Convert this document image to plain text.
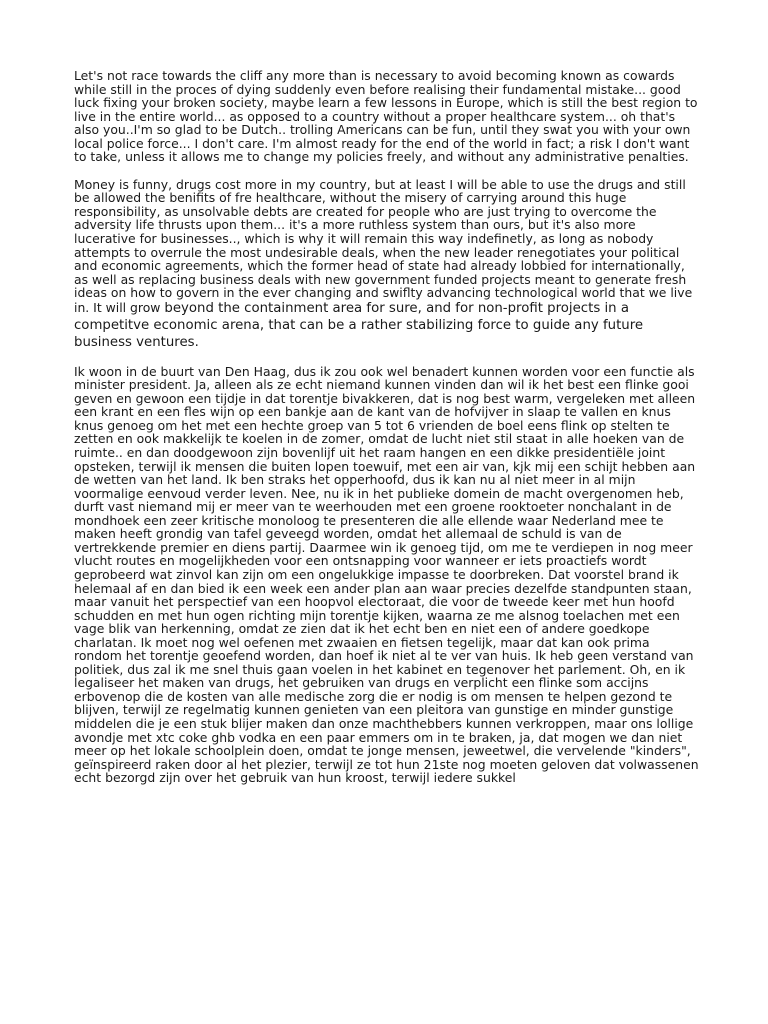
Let's not race towards the cliff any more than is necessary to avoid becoming known as cowards while still in the proces of dying suddenly even before realising their fundamental mistake... good luck fixing your broken society, maybe learn a few lessons in Europe, which is still the best region to live in the entire world... as opposed to a country without a proper healthcare system... oh that's also you..I'm so glad to be Dutch.. trolling Americans can be fun, until they swat you with your own local police force... I don't care. I'm almost ready for the end of the world in fact; a risk I don't want to take, unless it allows me to change my policies freely, and without any administrative penalties.

Money is funny, drugs cost more in my country, but at least I will be able to use the drugs and still be allowed the benifits of fre healthcare, without the misery of carrying around this huge responsibility, as unsolvable debts are created for people who are just trying to overcome the adversity life thrusts upon them... it's a more ruthless system than ours, but it's also more lucerative for businesses.., which is why it will remain this way indefinetly, as long as nobody attempts to overrule the most undesirable deals, when the new leader renegotiates your political and economic agreements, which the former head of state had already lobbied for internationally, as well as replacing business deals with new government funded projects meant to generate fresh ideas on how to govern in the ever changing and swiflty advancing technological world that we live in. It will grow beyond the containment area for sure, and for non-profit projects in a competitve economic arena, that can be a rather stabilizing force to guide any future business ventures.

Ik woon in de buurt van Den Haag, dus ik zou ook wel benadert kunnen worden voor een functie als minister president. Ja, alleen als ze echt niemand kunnen vinden dan wil ik het best een flinke gooi geven en gewoon een tijdje in dat torentje bivakkeren, dat is nog best warm, vergeleken met alleen een krant en een fles wijn op een bankje aan de kant van de hofvijver in slaap te vallen en knus knus genoeg om het met een hechte groep van 5 tot 6 vrienden de boel eens flink op stelten te zetten en ook makkelijk te koelen in de zomer, omdat de lucht niet stil staat in alle hoeken van de ruimte.. en dan doodgewoon zijn bovenlijf uit het raam hangen en een dikke presidentiële joint opsteken, terwijl ik mensen die buiten lopen toewuif, met een air van, kjk mij een schijt hebben aan de wetten van het land. Ik ben straks het opperhoofd, dus ik kan nu al niet meer in al mijn voormalige eenvoud verder leven. Nee, nu ik in het publieke domein de macht overgenomen heb, durft vast niemand mij er meer van te weerhouden met een groene rooktoeter nonchalant in de mondhoek een zeer kritische monoloog te presenteren die alle ellende waar Nederland mee te maken heeft grondig van tafel geveegd worden, omdat het allemaal de schuld is van de vertrekkende premier en diens partij. Daarmee win ik genoeg tijd, om me te verdiepen in nog meer vlucht routes en mogelijkheden voor een ontsnapping voor wanneer er iets proactiefs wordt geprobeerd wat zinvol kan zijn om een ongelukkige impasse te doorbreken. Dat voorstel brand ik helemaal af en dan bied ik een week een ander plan aan waar precies dezelfde standpunten staan, maar vanuit het perspectief van een hoopvol electoraat, die voor de tweede keer met hun hoofd schudden en met hun ogen richting mijn torentje kijken, waarna ze me alsnog toelachen met een vage blik van herkenning, omdat ze zien dat ik het echt ben en niet een of andere goedkope charlatan. Ik moet nog wel oefenen met zwaaien en fietsen tegelijk, maar dat kan ook prima rondom het torentje geoefend worden, dan hoef ik niet al te ver van huis. Ik heb geen verstand van politiek, dus zal ik me snel thuis gaan voelen in het kabinet en tegenover het parlement. Oh, en ik legaliseer het maken van drugs, het gebruiken van drugs en verplicht een flinke som accijns erbovenop die de kosten van alle medische zorg die er nodig is om mensen te helpen gezond te blijven, terwijl ze regelmatig kunnen genieten van een pleitora van gunstige en minder gunstige middelen die je een stuk blijer maken dan onze machthebbers kunnen verkroppen, maar ons lollige avondje met xtc coke ghb vodka en een paar emmers om in te braken, ja, dat mogen we dan niet meer op het lokale schoolplein doen, omdat te jonge mensen, jeweetwel, die vervelende "kinders", geïnspireerd raken door al het plezier, terwijl ze tot hun 21ste nog moeten geloven dat volwassenen echt bezorgd zijn over het gebruik van hun kroost, terwijl iedere sukkel
